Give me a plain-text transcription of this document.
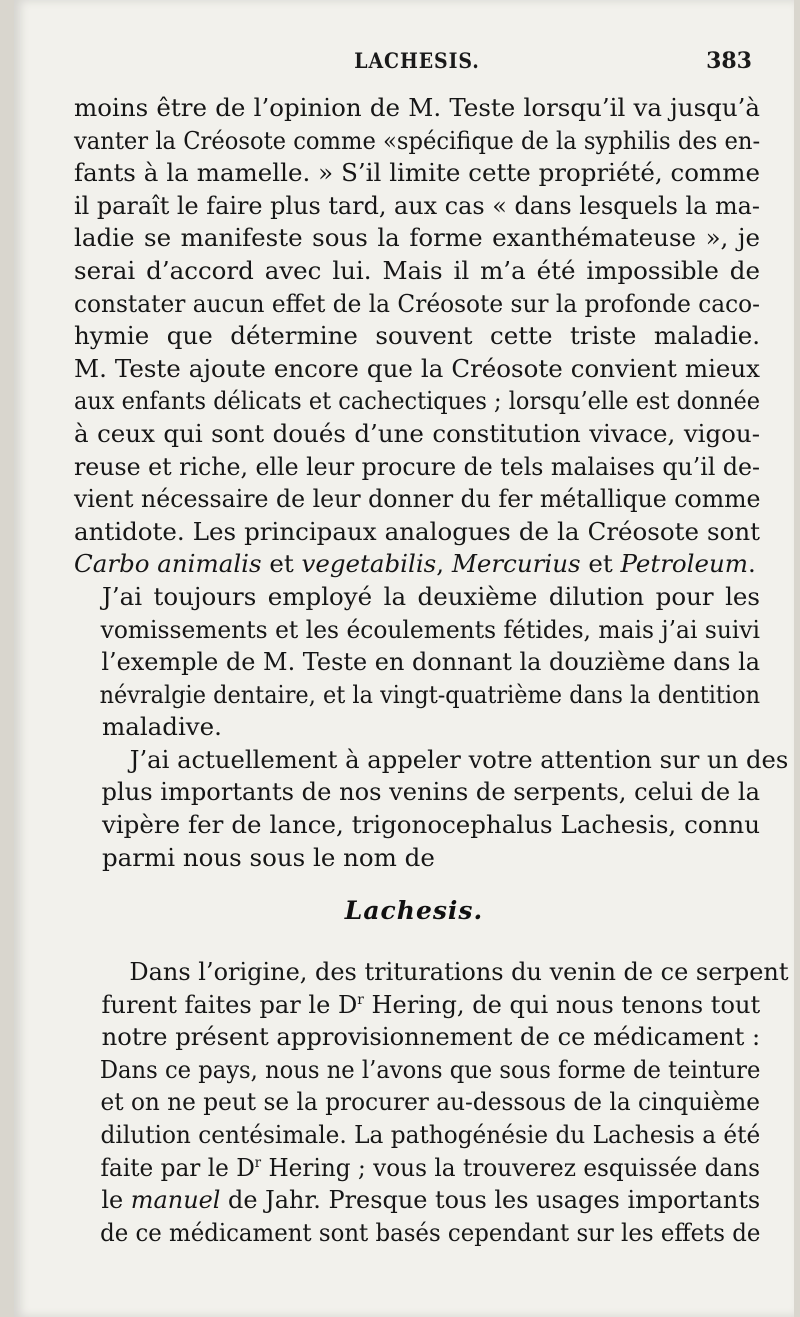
LACHESIS.	383

moins être de l’opinion de M. Teste lorsqu’il va jusqu’à
vanter la Créosote comme «spécifique de la syphilis des en-
fants à la mamelle. » S’il limite cette propriété, comme
il paraît le faire plus tard, aux cas « dans lesquels la ma-
ladie se manifeste sous la forme exanthémateuse », je
serai d’accord avec lui. Mais il m’a été impossible de
constater aucun effet de la Créosote sur la profonde caco-
hymie que détermine souvent cette triste maladie.
M. Teste ajoute encore que la Créosote convient mieux
aux enfants délicats et cachectiques ; lorsqu’elle est donnée
à ceux qui sont doués d’une constitution vivace, vigou-
reuse et riche, elle leur procure de tels malaises qu’il de- vient nécessaire de leur donner du fer métallique comme
antidote. Les principaux analogues de la Créosote sont
Carbo animalis et vegetabilis, Mercurius et Petroleum.

J’ai toujours employé la deuxième dilution pour les
vomissements et les écoulements fétides, mais j’ai suivi l’exemple de M. Teste en donnant la douzième dans la névralgie dentaire, et la vingt-quatrième dans la dentition
maladive.

J’ai actuellement à appeler votre attention sur un des plus importants de nos venins de serpents, celui de la
vipère fer de lance, trigonocephalus Lachesis, connu
parmi nous sous le nom de

Lachesis.

Dans l’origine, des triturations du venin de ce serpent furent faites par le $D^r$ Hering, de qui nous tenons tout notre présent approvisionnement de ce médicament : Dans ce pays, nous ne l’avons que sous forme de teinture et on ne peut se la procurer au-dessous de la cinquième dilution centésimale. La pathogénésie du Lachesis a été faite par le $D^r$ Hering ; vous la trouverez esquissée dans le manuel de Jahr. Presque tous les usages importants de ce médicament sont basés cependant sur les effets de
